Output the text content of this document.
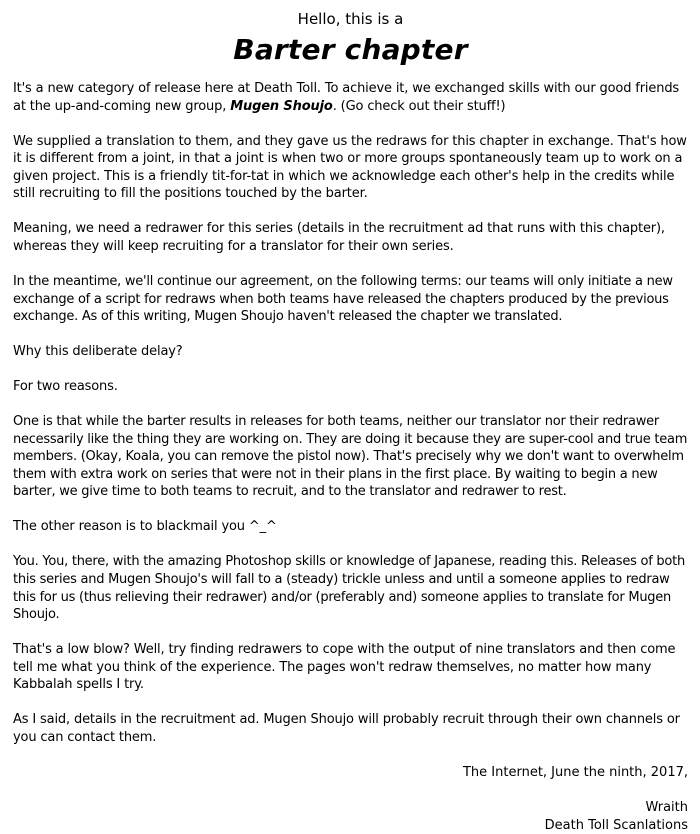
Hello, this is a
Barter chapter

It's a new category of release here at Death Toll. To achieve it, we exchanged skills with our good friends at the up-and-coming new group, Mugen Shoujo. (Go check out their stuff!)

We supplied a translation to them, and they gave us the redraws for this chapter in exchange. That's how it is different from a joint, in that a joint is when two or more groups spontaneously team up to work on a given project. This is a friendly tit-for-tat in which we acknowledge each other's help in the credits while still recruiting to fill the positions touched by the barter.

Meaning, we need a redrawer for this series (details in the recruitment ad that runs with this chapter), whereas they will keep recruiting for a translator for their own series.

In the meantime, we'll continue our agreement, on the following terms: our teams will only initiate a new exchange of a script for redraws when both teams have released the chapters produced by the previous exchange. As of this writing, Mugen Shoujo haven't released the chapter we translated.

Why this deliberate delay?

For two reasons.

One is that while the barter results in releases for both teams, neither our translator nor their redrawer necessarily like the thing they are working on. They are doing it because they are super-cool and true team members. (Okay, Koala, you can remove the pistol now). That's precisely why we don't want to overwhelm them with extra work on series that were not in their plans in the first place. By waiting to begin a new barter, we give time to both teams to recruit, and to the translator and redrawer to rest.

The other reason is to blackmail you ^_^

You. You, there, with the amazing Photoshop skills or knowledge of Japanese, reading this. Releases of both this series and Mugen Shoujo's will fall to a (steady) trickle unless and until a someone applies to redraw this for us (thus relieving their redrawer) and/or (preferably and) someone applies to translate for Mugen Shoujo.

That's a low blow? Well, try finding redrawers to cope with the output of nine translators and then come tell me what you think of the experience. The pages won't redraw themselves, no matter how many Kabbalah spells I try.

As I said, details in the recruitment ad. Mugen Shoujo will probably recruit through their own channels or you can contact them.

The Internet, June the ninth, 2017,

Wraith

Death Toll Scanlations
